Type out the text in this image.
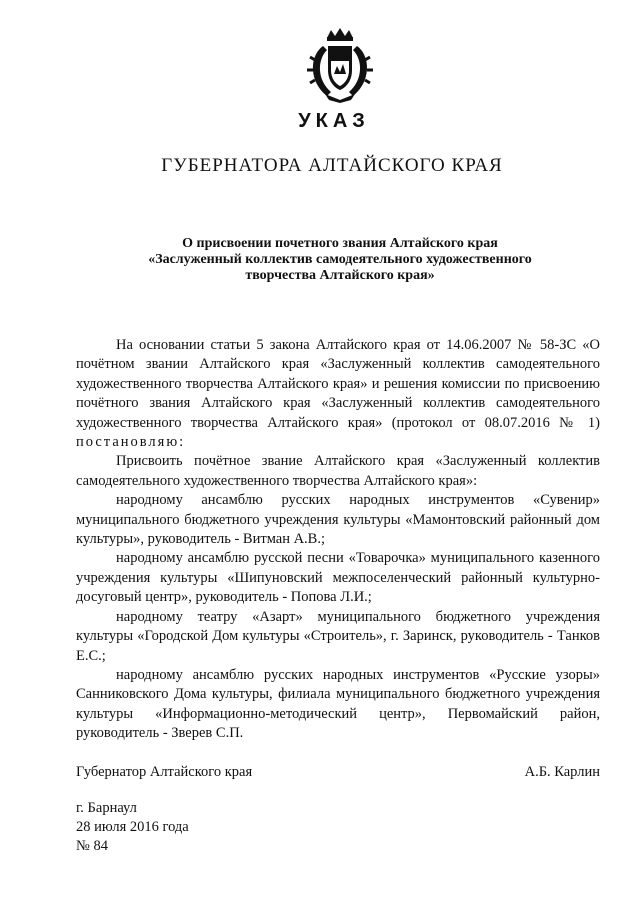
УКАЗ
ГУБЕРНАТОРА АЛТАЙСКОГО КРАЯ
О присвоении почетного звания Алтайского края
«Заслуженный коллектив самодеятельного художественного
творчества Алтайского края»

На основании статьи 5 закона Алтайского края от 14.06.2007 № 58-ЗС «О почётном звании Алтайского края «Заслуженный коллектив самодеятельного художественного творчества Алтайского края» и решения комиссии по присвоению почётного звания Алтайского края «Заслуженный коллектив самодеятельного художественного творчества Алтайского края» (протокол от 08.07.2016 № 1) постановляю:

Присвоить почётное звание Алтайского края «Заслуженный коллектив самодеятельного художественного творчества Алтайского края»:

народному ансамблю русских народных инструментов «Сувенир» муниципального бюджетного учреждения культуры «Мамонтовский районный дом культуры», руководитель - Витман А.В.;

народному ансамблю русской песни «Товарочка» муниципального казенного учреждения культуры «Шипуновский межпоселенческий районный культурно-досуговый центр», руководитель - Попова Л.И.;

народному театру «Азарт» муниципального бюджетного учреждения культуры «Городской Дом культуры «Строитель», г. Заринск, руководитель - Танков Е.С.;

народному ансамблю русских народных инструментов «Русские узоры» Санниковского Дома культуры, филиала муниципального бюджетного учреждения культуры «Информационно-методический центр», Первомайский район, руководитель - Зверев С.П.

Губернатор Алтайского края	А.Б. Карлин
г. Барнаул
28 июля 2016 года
№ 84
